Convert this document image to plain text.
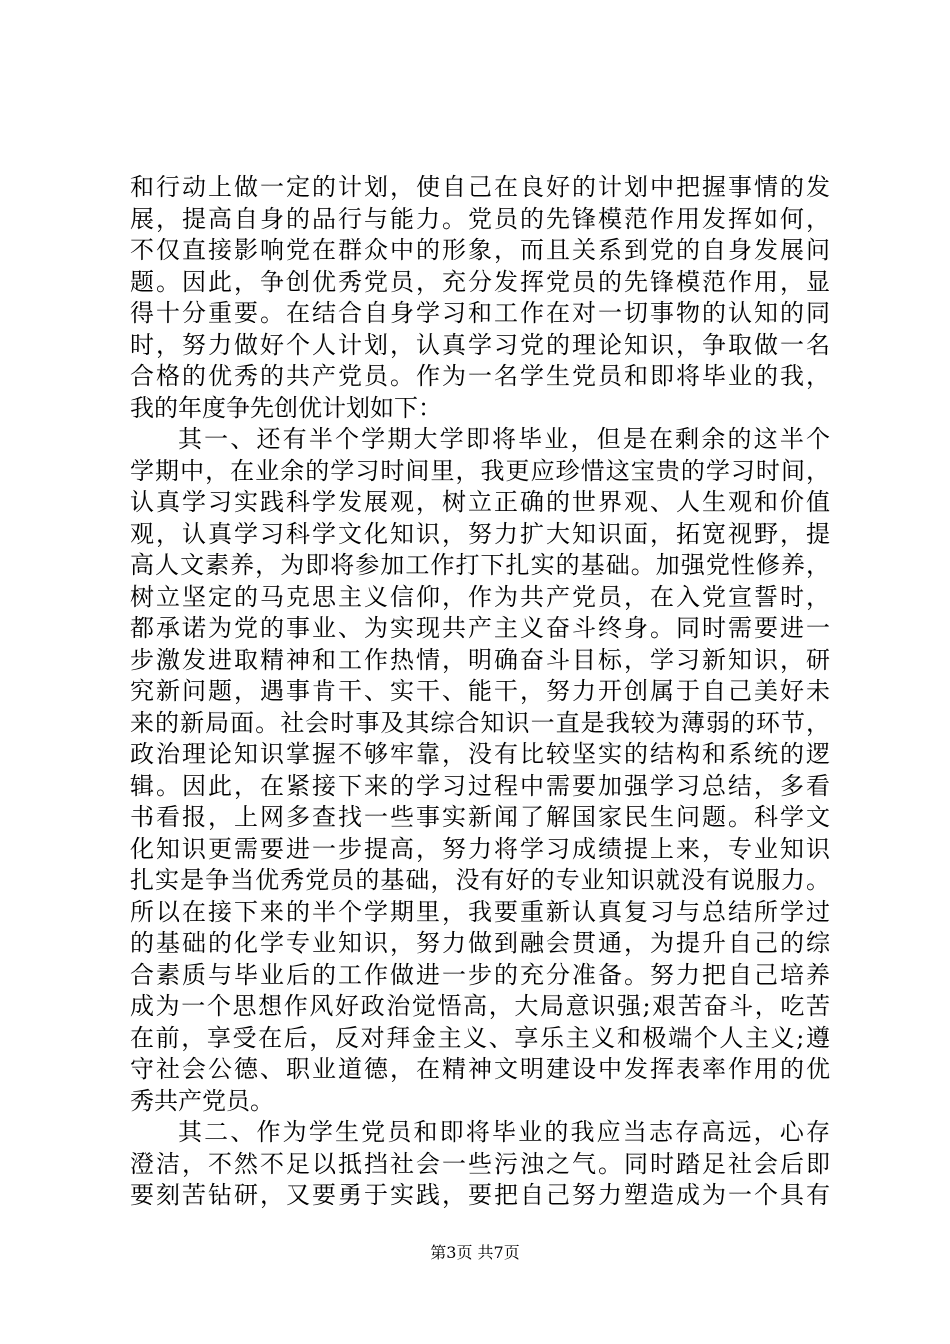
和行动上做一定的计划，使自己在良好的计划中把握事情的发
展，提高自身的品行与能力。党员的先锋模范作用发挥如何，
不仅直接影响党在群众中的形象，而且关系到党的自身发展问
题。因此，争创优秀党员，充分发挥党员的先锋模范作用，显
得十分重要。在结合自身学习和工作在对一切事物的认知的同
时，努力做好个人计划，认真学习党的理论知识，争取做一名
合格的优秀的共产党员。作为一名学生党员和即将毕业的我，
我的年度争先创优计划如下：
其一、还有半个学期大学即将毕业，但是在剩余的这半个
学期中，在业余的学习时间里，我更应珍惜这宝贵的学习时间，
认真学习实践科学发展观，树立正确的世界观、人生观和价值
观，认真学习科学文化知识，努力扩大知识面，拓宽视野，提
高人文素养，为即将参加工作打下扎实的基础。加强党性修养，
树立坚定的马克思主义信仰，作为共产党员，在入党宣誓时，
都承诺为党的事业、为实现共产主义奋斗终身。同时需要进一
步激发进取精神和工作热情，明确奋斗目标，学习新知识，研
究新问题，遇事肯干、实干、能干，努力开创属于自己美好未
来的新局面。社会时事及其综合知识一直是我较为薄弱的环节，
政治理论知识掌握不够牢靠，没有比较坚实的结构和系统的逻
辑。因此，在紧接下来的学习过程中需要加强学习总结，多看
书看报，上网多查找一些事实新闻了解国家民生问题。科学文
化知识更需要进一步提高，努力将学习成绩提上来，专业知识
扎实是争当优秀党员的基础，没有好的专业知识就没有说服力。
所以在接下来的半个学期里，我要重新认真复习与总结所学过
的基础的化学专业知识，努力做到融会贯通，为提升自己的综
合素质与毕业后的工作做进一步的充分准备。努力把自己培养
成为一个思想作风好政治觉悟高，大局意识强;艰苦奋斗，吃苦
在前，享受在后，反对拜金主义、享乐主义和极端个人主义;遵
守社会公德、职业道德，在精神文明建设中发挥表率作用的优
秀共产党员。
其二、作为学生党员和即将毕业的我应当志存高远，心存
澄洁，不然不足以抵挡社会一些污浊之气。同时踏足社会后即
要刻苦钻研，又要勇于实践，要把自己努力塑造成为一个具有
第3页 共7页
